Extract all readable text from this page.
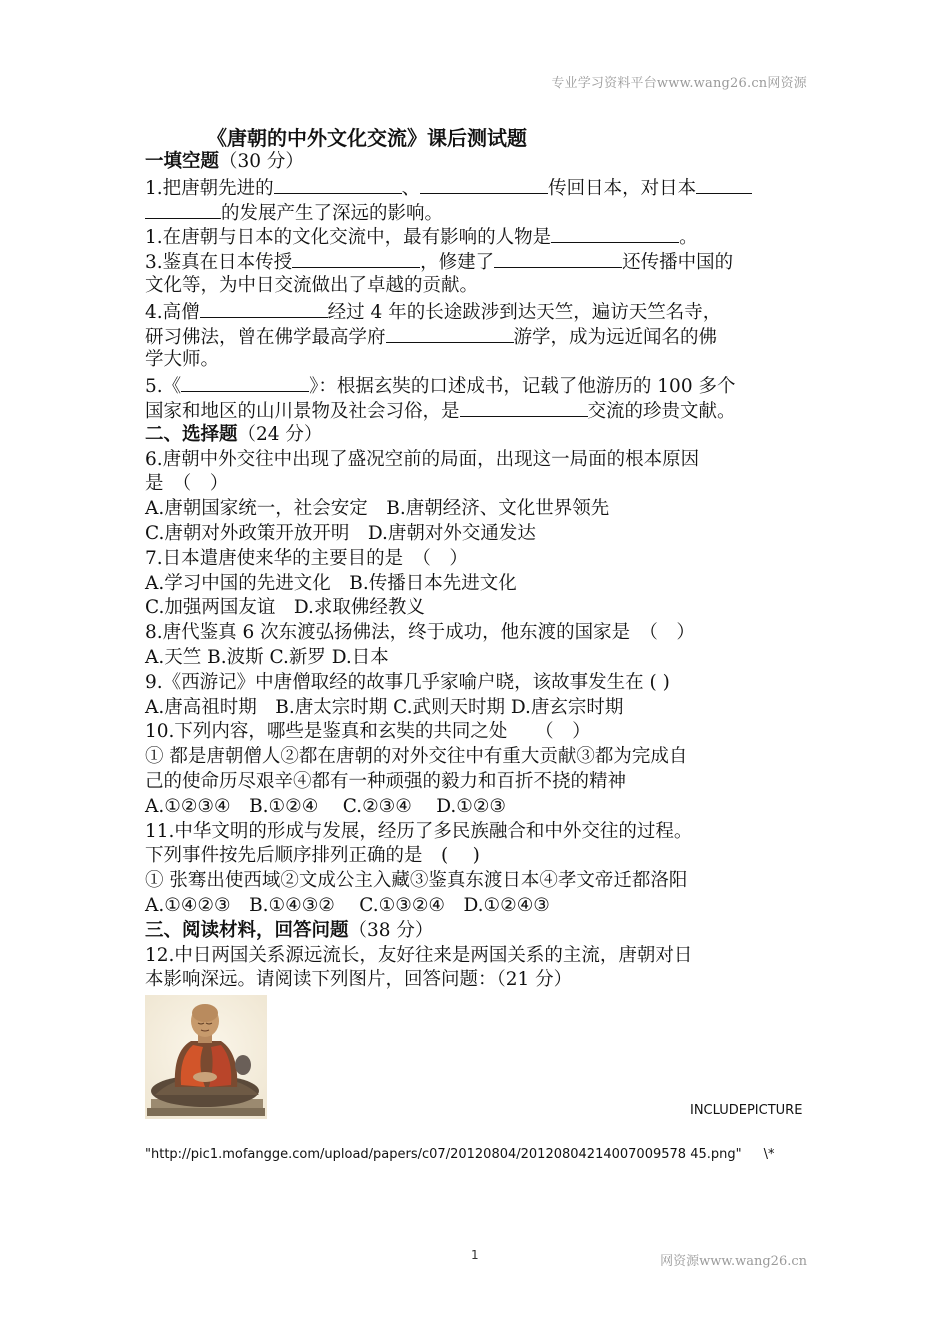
专业学习资料平台www.wang26.cn网资源
《唐朝的中外文化交流》课后测试题
一填空题（30 分）
1.把唐朝先进的	、	传回日本，对日本
的发展产生了深远的影响。
1.在唐朝与日本的文化交流中，最有影响的人物是	。
3.鉴真在日本传授	，修建了	还传播中国的
文化等，为中日交流做出了卓越的贡献。
4.高僧	经过 4 年的长途跋涉到达天竺，遍访天竺名寺，
研习佛法，曾在佛学最高学府	游学，成为远近闻名的佛
学大师。
5.《	》：根据玄奘的口述成书，记载了他游历的 100 多个
国家和地区的山川景物及社会习俗，是	交流的珍贵文献。
二、选择题（24 分）
6.唐朝中外交往中出现了盛况空前的局面，出现这一局面的根本原因
是　（　）
A.唐朝国家统一，社会安定　B.唐朝经济、文化世界领先
C.唐朝对外政策开放开明　D.唐朝对外交通发达
7.日本遣唐使来华的主要目的是　（　）
A.学习中国的先进文化　B.传播日本先进文化
C.加强两国友谊　D.求取佛经教义
8.唐代鉴真 6 次东渡弘扬佛法，终于成功，他东渡的国家是　（　）
A.天竺 B.波斯 C.新罗 D.日本
9.《西游记》中唐僧取经的故事几乎家喻户晓，该故事发生在 ( )
A.唐高祖时期　B.唐太宗时期 C.武则天时期 D.唐玄宗时期
10.下列内容，哪些是鉴真和玄奘的共同之处　　（　）
① 都是唐朝僧人②都在唐朝的对外交往中有重大贡献③都为完成自
己的使命历尽艰辛④都有一种顽强的毅力和百折不挠的精神
A.①②③④　B.①②④　 C.②③④　 D.①②③
11.中华文明的形成与发展，经历了多民族融合和中外交往的过程。
下列事件按先后顺序排列正确的是　(　 )
① 张骞出使西域②文成公主入藏③鉴真东渡日本④孝文帝迁都洛阳
A.①④②③　B.①④③②　 C.①③②④　D.①②④③
三、阅读材料，回答问题（38 分）
12.中日两国关系源远流长，友好往来是两国关系的主流，唐朝对日
本影响深远。请阅读下列图片，回答问题：（21 分）
INCLUDEPICTURE
"http://pic1.mofangge.com/upload/papers/c07/20120804/20120804214007009578 45.png" \*
1	网资源www.wang26.cn
